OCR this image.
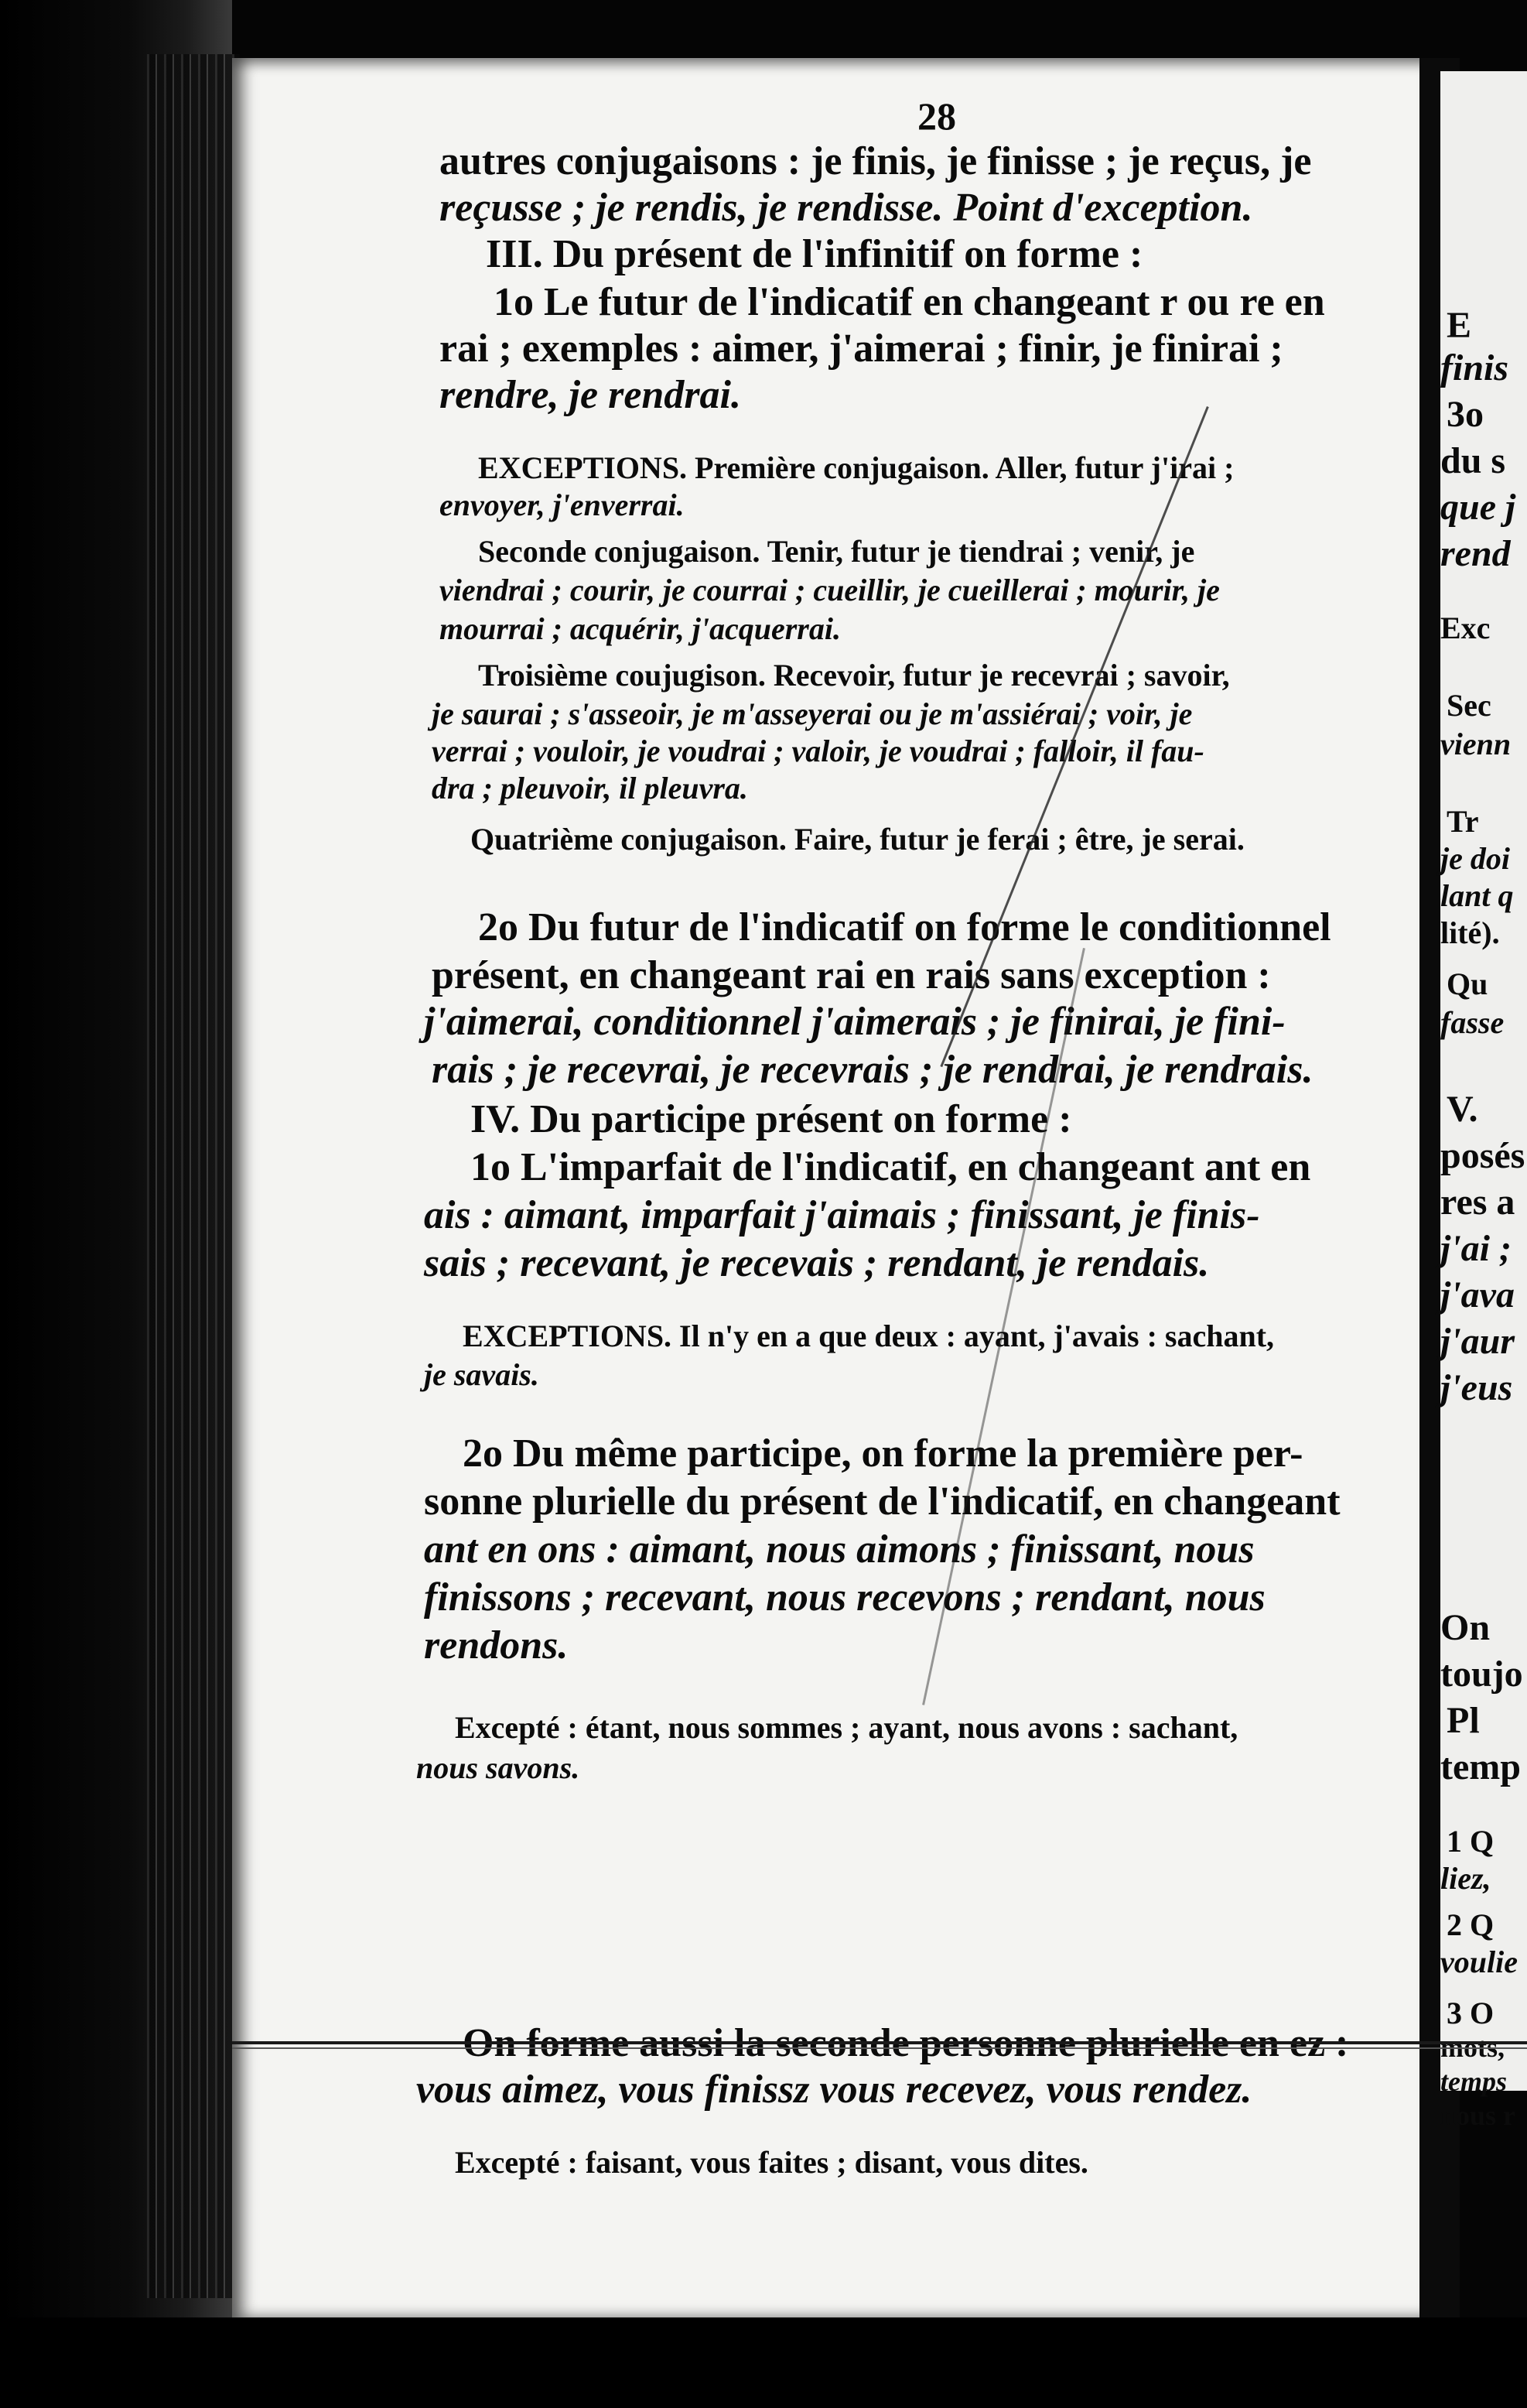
28
autres conjugaisons : je finis, je finisse ; je reçus, je
reçusse ; je rendis, je rendisse. Point d'exception.
III. Du présent de l'infinitif on forme :
1o Le futur de l'indicatif en changeant r ou re en
rai ; exemples : aimer, j'aimerai ; finir, je finirai ;
rendre, je rendrai.
EXCEPTIONS. Première conjugaison. Aller, futur j'irai ;
envoyer, j'enverrai.
Seconde conjugaison. Tenir, futur je tiendrai ; venir, je
viendrai ; courir, je courrai ; cueillir, je cueillerai ; mourir, je
mourrai ; acquérir, j'acquerrai.
Troisième coujugison. Recevoir, futur je recevrai ; savoir,
je saurai ; s'asseoir, je m'asseyerai ou je m'assiérai ; voir, je
verrai ; vouloir, je voudrai ; valoir, je voudrai ; falloir, il fau-
dra ; pleuvoir, il pleuvra.
Quatrième conjugaison. Faire, futur je ferai ; être, je serai.
2o Du futur de l'indicatif on forme le conditionnel
présent, en changeant rai en rais sans exception :
j'aimerai, conditionnel j'aimerais ; je finirai, je fini-
rais ; je recevrai, je recevrais ; je rendrai, je rendrais.
IV. Du participe présent on forme :
1o L'imparfait de l'indicatif, en changeant ant en
ais : aimant, imparfait j'aimais ; finissant, je finis-
sais ; recevant, je recevais ; rendant, je rendais.
EXCEPTIONS. Il n'y en a que deux : ayant, j'avais : sachant,
je savais.
2o Du même participe, on forme la première per-
sonne plurielle du présent de l'indicatif, en changeant
ant en ons : aimant, nous aimons ; finissant, nous
finissons ; recevant, nous recevons ; rendant, nous
rendons.
Excepté : étant, nous sommes ; ayant, nous avons : sachant,
nous savons.
vous aimez, vous finissz vous recevez, vous rendez.
Excepté : faisant, vous faites ; disant, vous dites.
E
finis
3o
du s
que j
rend
Exc
Sec
vienn
Tr
je doi
lant q
lité).
Qu
fasse
V.
posés
res a
j'ai ;
j'ava
j'aur
j'eus
On
toujo
Pl
temp
1 Q
liez,
2 Q
voulie
3 O
temps
nous r
